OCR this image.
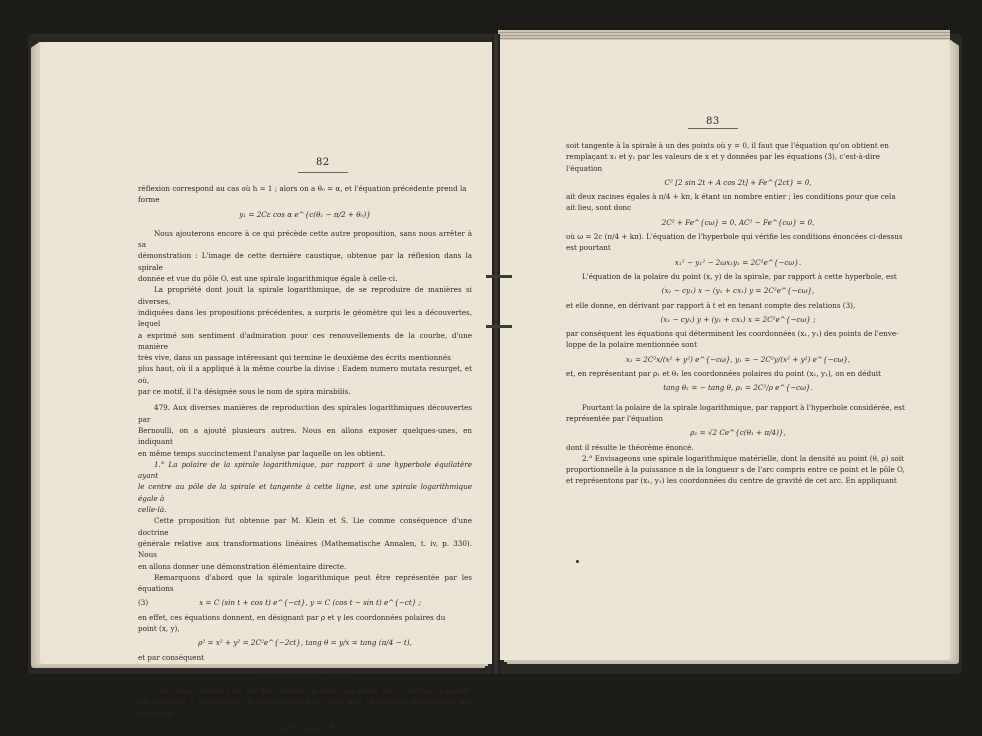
82

réflexion correspond au cas où h = 1 ; alors on a θ₀ = α, et l'équation précédente prend la

forme

y₁ = 2Cε cos α e^{c(θ₁ − π/2 + θ₀)}

Nous ajouterons encore à ce qui précède cette autre proposition, sans nous arrêter à sa

démonstration : L'image de cette dernière caustique, obtenue par la réflexion dans la spirale

donnée et vue du pôle O, est une spirale logarithmique égale à celle-ci.

La propriété dont jouit la spirale logarithmique, de se reproduire de manières si diverses,

indiquées dans les propositions précédentes, a surpris le géomètre qui les a découvertes, lequel

a exprimé son sentiment d'admiration pour ces renouvellements de la courbe, d'une manière

très vive, dans un passage intéressant qui termine le deuxième des écrits mentionnés

plus haut, où il a appliqué à la même courbe la divise : Eadem numero mutata resurget, et où,

par ce motif, il l'a désignée sous le nom de spira mirabilis.

479. Aux diverses manières de reproduction des spirales logarithmiques découvertes par

Bernoulli, on a ajouté plusieurs autres. Nous en allons exposer quelques-unes, en indiquant

en même temps succinctement l'analyse par laquelle on les obtient.

1.° La polaire de la spirale logarithmique, par rapport à une hyperbole équilatère ayant

le centre au pôle de la spirale et tangente à cette ligne, est une spirale logarithmique égale à

celle-là.

Cette proposition fut obtenue par M. Klein et S. Lie comme conséquence d'une doctrine

générale relative aux transformations linéaires (Mathematische Annalen, t. iv, p. 330). Nous

en allons donner une démonstration élémentaire directe.

Remarquons d'abord que la spirale logarithmique peut être représentée par les équations

(3)	x = C (sin t + cos t) e^{−ct}, y = C (cos t − sin t) e^{−ct} ;

en effet, ces équations donnent, en désignant par ρ et γ les coordonnées polaires du

point (x, y),

ρ² = x² + y² = 2C²e^{−2ct}, tang θ = y/x = tang (π/4 − t),

et par conséquent

ρ = √2 Ce^{c(θ − π/4)}.

Cela posé, prenons pour axe des abscisses la droite qui passe par le point où la spirale

est tangente à l'hyperbole, et remarquons que, pour que l'hyperbole représentée par l'équation

x₁² − y₁² + Ax₁y₁ + F = 0

83

soit tangente à la spirale à un des points où y = 0, il faut que l'équation qu'on obtient en

remplaçant x₁ et y₁ par les valeurs de x et y données par les équations (3), c'est-à-dire

l'équation

C² [2 sin 2t + A cos 2t] + Fe^{2ct} = 0,

ait deux racines égales à π/4 + kπ, k étant un nombre entier ; les conditions pour que cela

ait lieu, sont donc

2C² + Fe^{cω} = 0, AC² − Fe^{cω} = 0,

où ω = 2c (π/4 + kπ). L'équation de l'hyperbole qui vérifie les conditions énoncées ci-dessus

est pourtant

x₁² − y₁² − 2ωx₁y₁ = 2C²e^{−cω}.

L'équation de la polaire du point (x, y) de la spirale, par rapport à cette hyperbole, est

(x₁ − cy₁) x − (y₁ + cx₁) y = 2C²e^{−cω},

et elle donne, en dérivant par rapport à t et en tenant compte des relations (3),

(x₁ − cy₁) y + (y₁ + cx₁) x = 2C²e^{−cω} ;

par conséquent les équations qui déterminent les coordonnées (x₁, y₁) des points de l'enve-

loppe de la polaire mentionnée sont

x₁ = 2C²x/(x² + y²) e^{−cω}, y₁ = − 2C²y/(x² + y²) e^{−cω},

et, en représentant par ρ₁ et θ₁ les coordonnées polaires du point (x₁, y₁), on en déduit

tang θ₁ = − tang θ, ρ₁ = 2C²/ρ e^{−cω}.

Pourtant la polaire de la spirale logarithmique, par rapport à l'hyperbole considérée, est

représentée par l'équation

ρ₁ = √2 Ce^{c(θ₁ + π/4)},

dont il résulte le théorème énoncé.

2.° Envisageons une spirale logarithmique matérielle, dont la densité au point (θ, ρ) soit

proportionnelle à la puissance n de la longueur s de l'arc compris entre ce point et le pôle O,

et représentons par (x₁, y₁) les coordonnées du centre de gravité de cet arc. En appliquant
